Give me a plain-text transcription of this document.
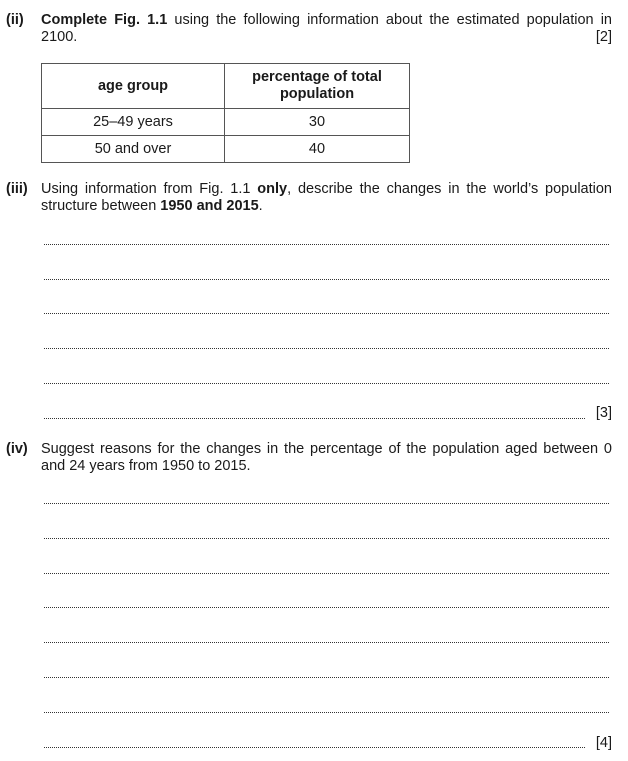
(ii) Complete Fig. 1.1 using the following information about the estimated population in 2100.	[2]
age group	percentage of total population
25–49 years	30
50 and over	40
(iii) Using information from Fig. 1.1 only, describe the changes in the world’s population structure between 1950 and 2015.
[3]
(iv) Suggest reasons for the changes in the percentage of the population aged between 0 and 24 years from 1950 to 2015.
[4]
